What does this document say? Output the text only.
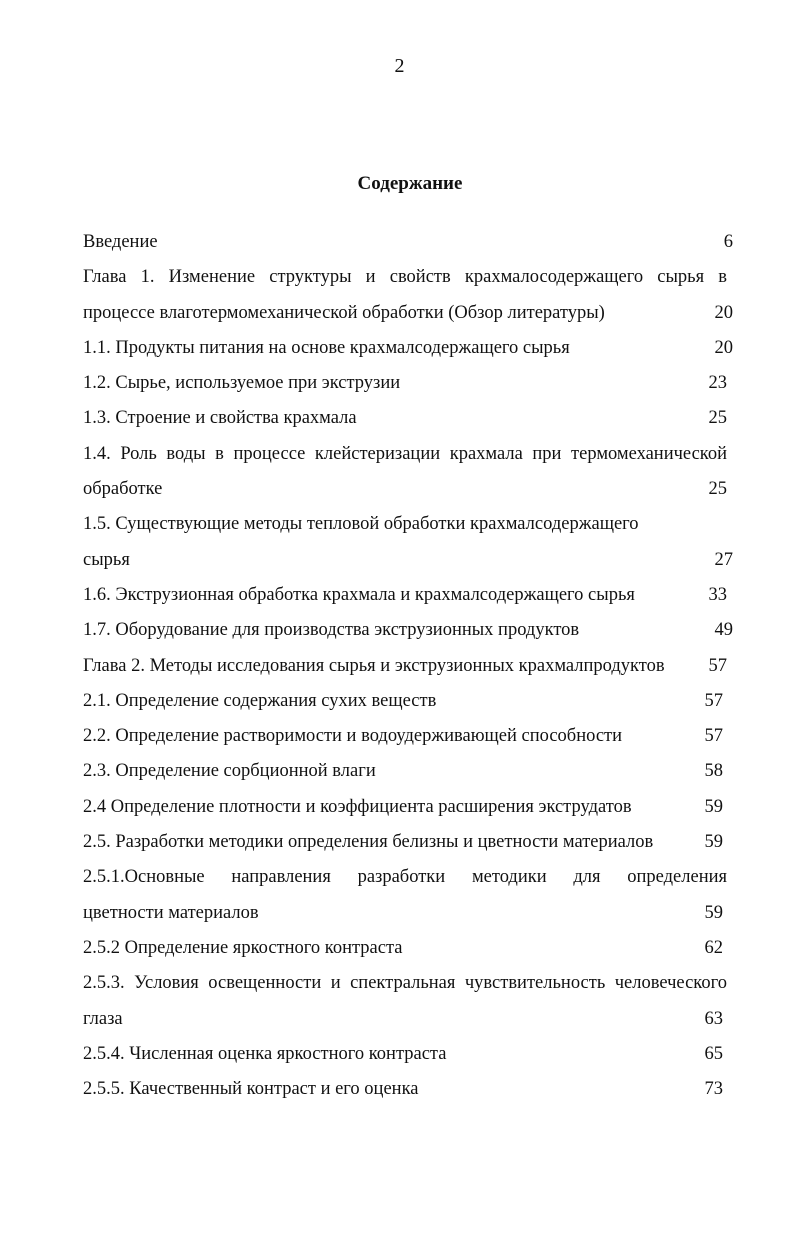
2
Содержание
Введение	6
Глава 1. Изменение структуры и свойств крахмалосодержащего сырья в
процессе влаготермомеханической обработки (Обзор литературы)	20
1.1. Продукты питания на основе крахмалсодержащего сырья	20
1.2. Сырье, используемое при экструзии	23
1.3. Строение и свойства крахмала	25
1.4. Роль воды в процессе клейстеризации крахмала при термомеханической
обработке	25
1.5. Существующие методы тепловой обработки крахмалсодержащего
сырья	27
1.6. Экструзионная обработка крахмала и крахмалсодержащего сырья	33
1.7. Оборудование для производства экструзионных продуктов	49
Глава 2. Методы исследования сырья и экструзионных крахмалпродуктов	57
2.1. Определение содержания сухих веществ	57
2.2. Определение растворимости и водоудерживающей способности	57
2.3. Определение сорбционной влаги	58
2.4 Определение плотности и коэффициента расширения экструдатов	59
2.5. Разработки методики определения белизны и цветности материалов	59
2.5.1.Основные направления разработки методики для определения
цветности материалов	59
2.5.2 Определение яркостного контраста	62
2.5.3. Условия освещенности и спектральная чувствительность человеческого
глаза	63
2.5.4. Численная оценка яркостного контраста	65
2.5.5. Качественный контраст и его оценка	73
